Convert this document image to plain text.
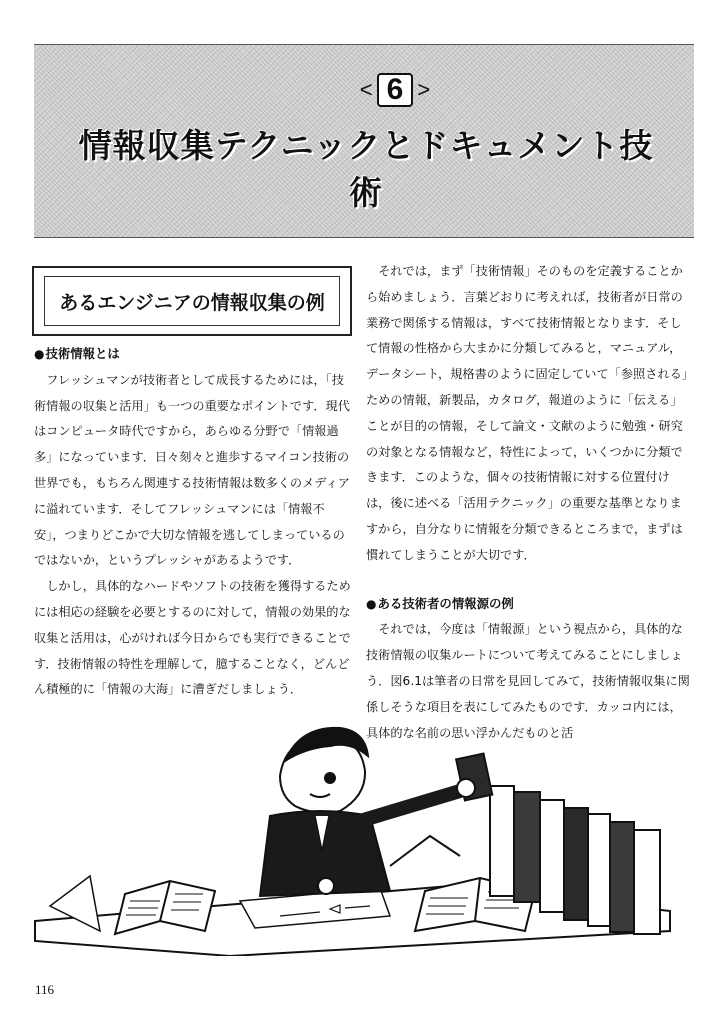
< 6 >
情報収集テクニックとドキュメント技術
あるエンジニアの情報収集の例
●技術情報とは

フレッシュマンが技術者として成長するためには，「技術情報の収集と活用」も一つの重要なポイントです．現代はコンピュータ時代ですから，あらゆる分野で「情報過多」になっています．日々刻々と進歩するマイコン技術の世界でも，もちろん関連する技術情報は数多くのメディアに溢れています．そしてフレッシュマンには「情報不安」，つまりどこかで大切な情報を逃してしまっているのではないか，というプレッシャがあるようです．

しかし，具体的なハードやソフトの技術を獲得するためには相応の経験を必要とするのに対して，情報の効果的な収集と活用は，心がければ今日からでも実行できることです．技術情報の特性を理解して，臆することなく，どんどん積極的に「情報の大海」に漕ぎだしましょう．

それでは，まず「技術情報」そのものを定義することから始めましょう．言葉どおりに考えれば，技術者が日常の業務で関係する情報は，すべて技術情報となります．そして情報の性格から大まかに分類してみると，マニュアル，データシート，規格書のように固定していて「参照される」ための情報，新製品，カタログ，報道のように「伝える」ことが目的の情報，そして論文・文献のように勉強・研究の対象となる情報など，特性によって，いくつかに分類できます．このような，個々の技術情報に対する位置付けは，後に述べる「活用テクニック」の重要な基準となりますから，自分なりに情報を分類できるところまで，まずは慣れてしまうことが大切です．

●ある技術者の情報源の例

それでは，今度は「情報源」という視点から，具体的な技術情報の収集ルートについて考えてみることにしましょう．図6.1は筆者の日常を見回してみて，技術情報収集に関係しそうな項目を表にしてみたものです．カッコ内には，具体的な名前の思い浮かんだものと活

116
